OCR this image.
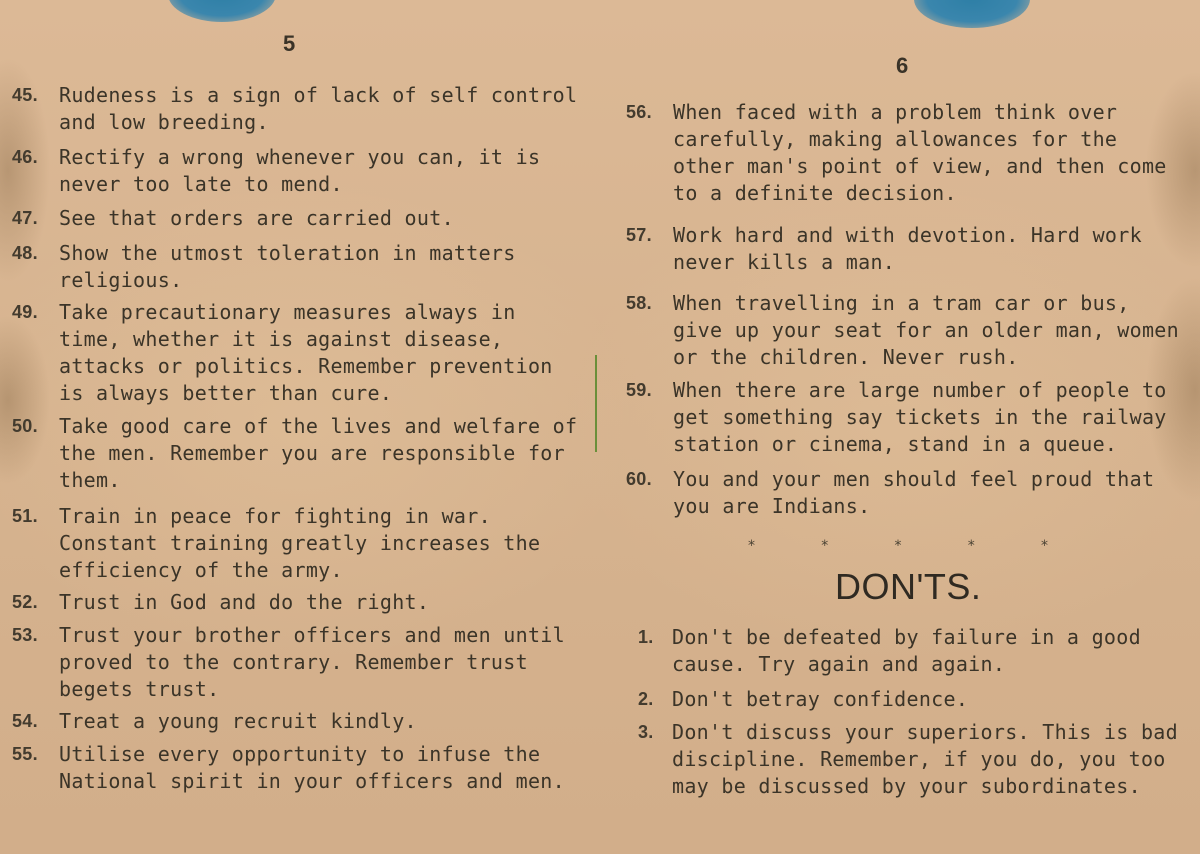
5
6
45. Rudeness is a sign of lack of self control and low breeding.
46. Rectify a wrong whenever you can, it is never too late to mend.
47. See that orders are carried out.
48. Show the utmost toleration in matters religious.
49. Take precautionary measures always in time, whether it is against disease, attacks or politics. Remember prevention is always better than cure.
50. Take good care of the lives and welfare of the men. Remember you are responsible for them.
51. Train in peace for fighting in war. Constant training greatly increases the efficiency of the army.
52. Trust in God and do the right.
53. Trust your brother officers and men until proved to the contrary. Remember trust begets trust.
54. Treat a young recruit kindly.
55. Utilise every opportunity to infuse the National spirit in your officers and men.
56. When faced with a problem think over carefully, making allowances for the other man's point of view, and then come to a definite decision.
57. Work hard and with devotion. Hard work never kills a man.
58. When travelling in a tram car or bus, give up your seat for an older man, women or the children. Never rush.
59. When there are large number of people to get something say tickets in the railway station or cinema, stand in a queue.
60. You and your men should feel proud that you are Indians.
*	*	*	*	*
DON'TS.
1. Don't be defeated by failure in a good cause. Try again and again.
2. Don't betray confidence.
3. Don't discuss your superiors. This is bad discipline. Remember, if you do, you too may be discussed by your subordinates.
